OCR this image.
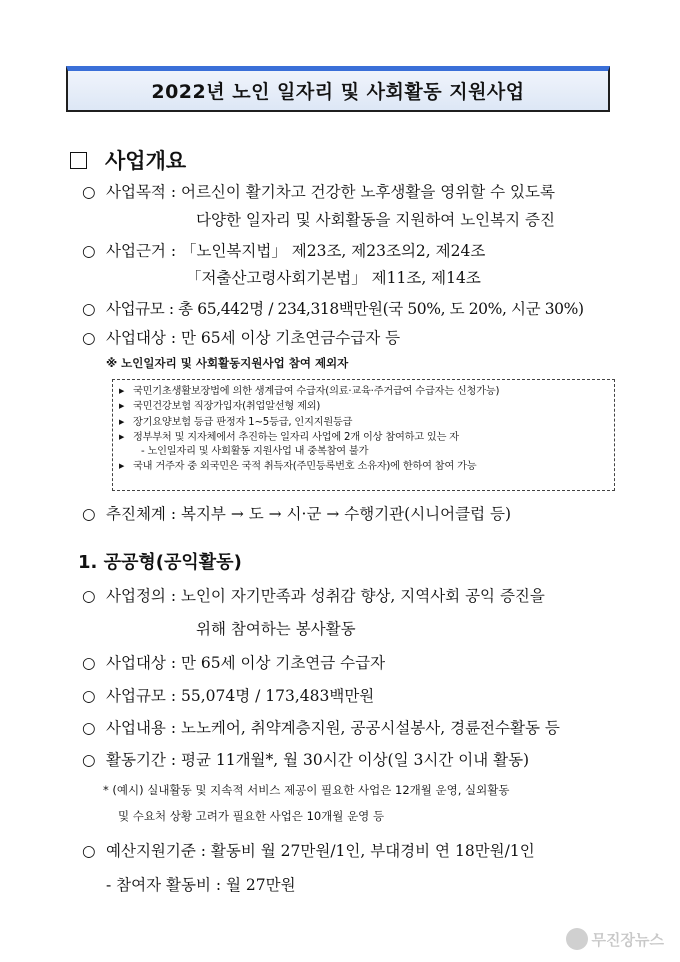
2022년 노인 일자리 및 사회활동 지원사업
사업개요
○ 사업목적 : 어르신이 활기차고 건강한 노후생활을 영위할 수 있도록
다양한 일자리 및 사회활동을 지원하여 노인복지 증진
○ 사업근거 : 「노인복지법」 제23조, 제23조의2, 제24조
「저출산고령사회기본법」 제11조, 제14조
○ 사업규모 : 총 65,442명 / 234,318백만원(국 50%, 도 20%, 시군 30%)
○ 사업대상 : 만 65세 이상 기초연금수급자 등
※ 노인일자리 및 사회활동지원사업 참여 제외자
▶ 국민기초생활보장법에 의한 생계급여 수급자(의료·교육·주거급여 수급자는 신청가능)
▶ 국민건강보험 직장가입자(취업알선형 제외)
▶ 장기요양보험 등급 판정자 1~5등급, 인지지원등급
▶ 정부부처 및 지자체에서 추진하는 일자리 사업에 2개 이상 참여하고 있는 자
- 노인일자리 및 사회활동 지원사업 내 중복참여 불가
▶ 국내 거주자 중 외국민은 국적 취득자(주민등록번호 소유자)에 한하여 참여 가능
○ 추진체계 : 복지부 → 도 → 시·군 → 수행기관(시니어클럽 등)
1. 공공형(공익활동)
○ 사업정의 : 노인이 자기만족과 성취감 향상, 지역사회 공익 증진을
위해 참여하는 봉사활동
○ 사업대상 : 만 65세 이상 기초연금 수급자
○ 사업규모 : 55,074명 / 173,483백만원
○ 사업내용 : 노노케어, 취약계층지원, 공공시설봉사, 경륜전수활동 등
○ 활동기간 : 평균 11개월*, 월 30시간 이상(일 3시간 이내 활동)
* (예시) 실내활동 및 지속적 서비스 제공이 필요한 사업은 12개월 운영, 실외활동
및 수요처 상황 고려가 필요한 사업은 10개월 운영 등
○ 예산지원기준 : 활동비 월 27만원/1인, 부대경비 연 18만원/1인
- 참여자 활동비 : 월 27만원
무진장뉴스
